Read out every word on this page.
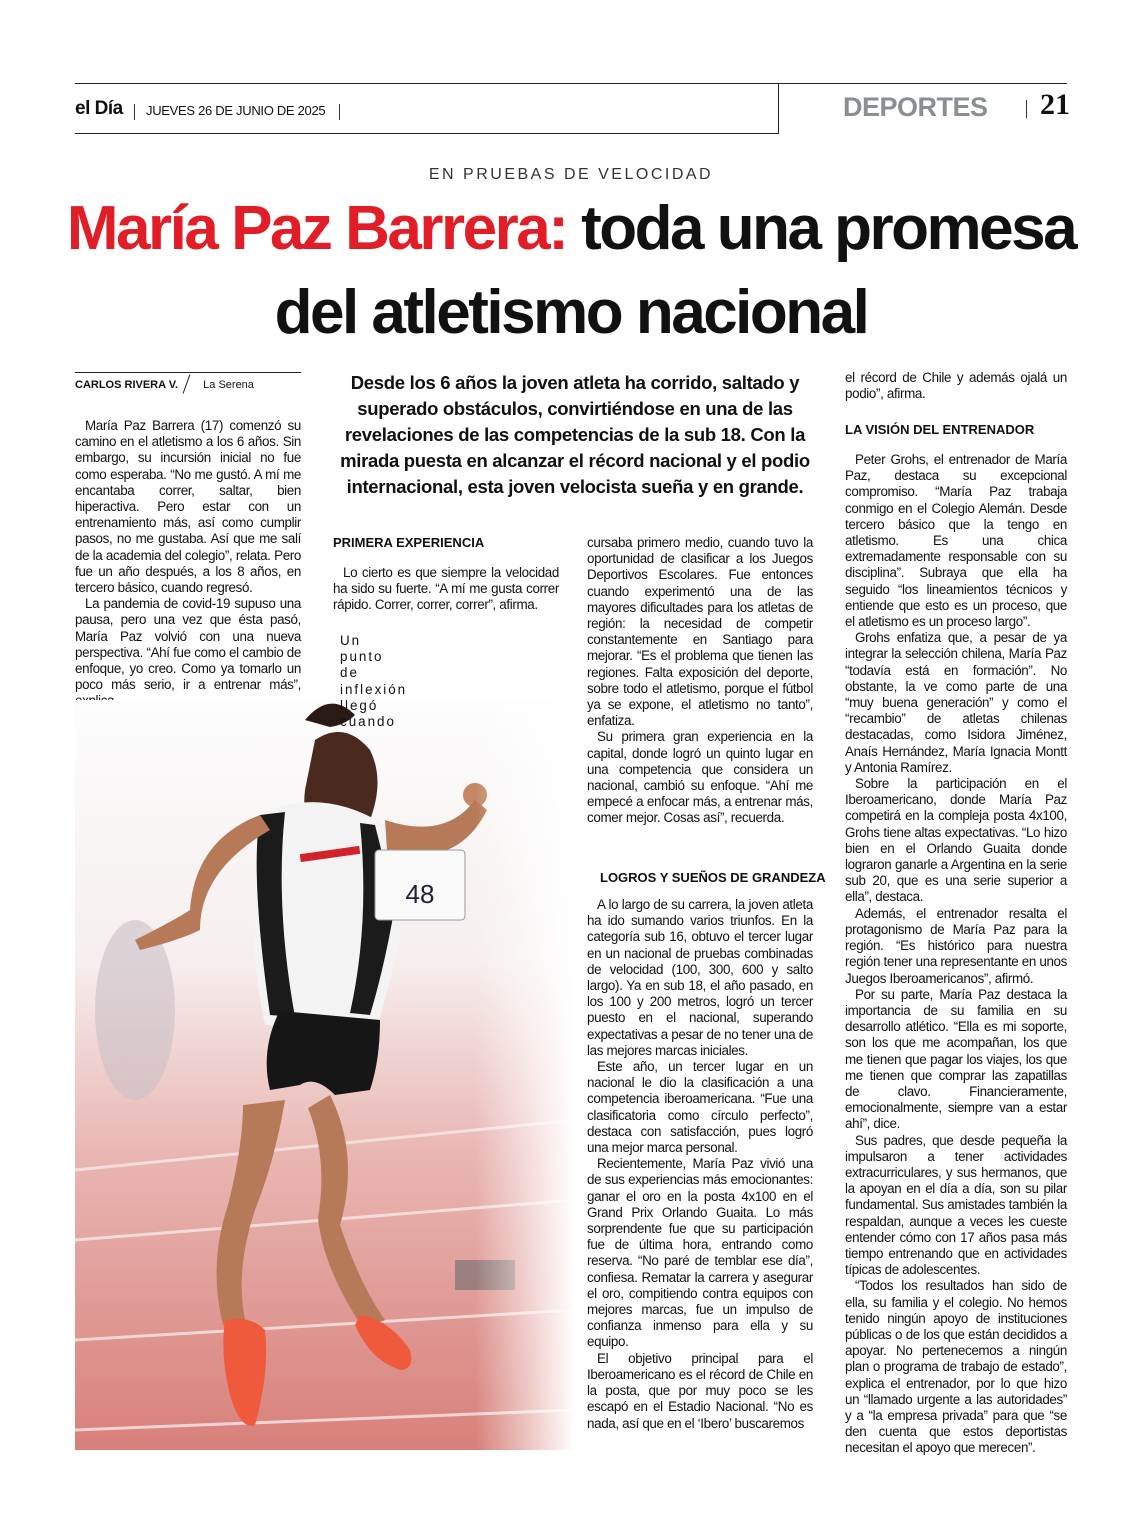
el Día JUEVES 26 DE JUNIO DE 2025	DEPORTES 21
EN PRUEBAS DE VELOCIDAD
María Paz Barrera: toda una promesa
del atletismo nacional
CARLOS RIVERA V. La Serena	Desde los 6 años la joven atleta ha corrido, saltado y superado obstáculos, convirtiéndose en una de las revelaciones de las competencias de la sub 18. Con la mirada puesta en alcanzar el récord nacional y el podio internacional, esta joven velocista sueña y en grande.

María Paz Barrera (17) comenzó su camino en el atletismo a los 6 años. Sin embargo, su incursión inicial no fue como esperaba. “No me gustó. A mí me encantaba correr, saltar, bien hiperactiva. Pero estar con un entrenamiento más, así como cumplir pasos, no me gustaba. Así que me salí de la academia del colegio”, relata. Pero fue un año después, a los 8 años, en tercero básico, cuando regresó.

La pandemia de covid-19 supuso una pausa, pero una vez que ésta pasó, María Paz volvió con una nueva perspectiva. “Ahí fue como el cambio de enfoque, yo creo. Como ya tomarlo un poco más serio, ir a entrenar más”,

PRIMERA EXPERIENCIA

Lo cierto es que siempre la velocidad ha sido su fuerte. “A mí me gusta correr rápido. Correr, correr, correr”, afirma.

Un punto de inflexión llegó cuando

cursaba primero medio, cuando tuvo la oportunidad de clasificar a los Juegos Deportivos Escolares. Fue entonces cuando experimentó una de las mayores dificultades para los atletas de región: la necesidad de competir constantemente en Santiago para mejorar. “Es el problema que tienen las regiones. Falta exposición del deporte, sobre todo el atletismo, porque el fútbol ya se expone, el atletismo no tanto”, enfatiza.

Su primera gran experiencia en la capital, donde logró un quinto lugar en una competencia que considera un nacional, cambió su enfoque. “Ahí me empecé a enfocar más, a entrenar más, comer mejor. Cosas así”, recuerda.

LOGROS Y SUEÑOS DE GRANDEZA

A lo largo de su carrera, la joven atleta ha ido sumando varios triunfos. En la categoría sub 16, obtuvo el tercer lugar en un nacional de pruebas combinadas de velocidad (100, 300, 600 y salto largo). Ya en sub 18, el año pasado, en los 100 y 200 metros, logró un tercer puesto en el nacional, superando expectativas a pesar de no tener una de las mejores marcas iniciales.

Este año, un tercer lugar en un nacional le dio la clasificación a una competencia iberoamericana. “Fue una clasificatoria como círculo perfecto”, destaca con satisfacción, pues logró una mejor marca personal.

Recientemente, María Paz vivió una de sus experiencias más emocionantes: ganar el oro en la posta 4x100 en el Grand Prix Orlando Guaita. Lo más sorprendente fue que su participación fue de última hora, entrando como reserva. “No paré de temblar ese día”, confiesa. Rematar la carrera y asegurar el oro, compitiendo contra equipos con mejores marcas, fue un impulso de confianza inmenso para ella y su equipo.

El objetivo principal para el Iberoamericano es el récord de Chile en la posta, que por muy poco se les escapó en el Estadio Nacional. “No es nada, así que en el ‘Ibero’ buscaremos

el récord de Chile y además ojalá un podio”, afirma.

LA VISIÓN DEL ENTRENADOR

Peter Grohs, el entrenador de María Paz, destaca su excepcional compromiso. “María Paz trabaja conmigo en el Colegio Alemán. Desde tercero básico que la tengo en atletismo. Es una chica extremadamente responsable con su disciplina”. Subraya que ella ha seguido “los lineamientos técnicos y entiende que esto es un proceso, que el atletismo es un proceso largo”.

Grohs enfatiza que, a pesar de ya integrar la selección chilena, María Paz “todavía está en formación”. No obstante, la ve como parte de una “muy buena generación” y como el “recambio” de atletas chilenas destacadas, como Isidora Jiménez, Anaís Hernández, María Ignacia Montt y Antonia Ramírez.

Sobre la participación en el Iberoamericano, donde María Paz competirá en la compleja posta 4x100, Grohs tiene altas expectativas. “Lo hizo bien en el Orlando Guaita donde lograron ganarle a Argentina en la serie sub 20, que es una serie superior a ella”, destaca.

Además, el entrenador resalta el protagonismo de María Paz para la región. “Es histórico para nuestra región tener una representante en unos Juegos Iberoamericanos”, afirmó.

Por su parte, María Paz destaca la importancia de su familia en su desarrollo atlético. “Ella es mi soporte, son los que me acompañan, los que me tienen que pagar los viajes, los que me tienen que comprar las zapatillas de clavo. Financieramente, emocionalmente, siempre van a estar ahí”, dice.

Sus padres, que desde pequeña la impulsaron a tener actividades extracurriculares, y sus hermanos, que la apoyan en el día a día, son su pilar fundamental. Sus amistades también la respaldan, aunque a veces les cueste entender cómo con 17 años pasa más tiempo entrenando que en actividades típicas de adolescentes.

“Todos los resultados han sido de ella, su familia y el colegio. No hemos tenido ningún apoyo de instituciones públicas o de los que están decididos a apoyar. No pertenecemos a ningún plan o programa de trabajo de estado”, explica el entrenador, por lo que hizo un “llamado urgente a las autoridades” y a “la empresa privada” para que “se den cuenta que estos deportistas necesitan el apoyo que merecen”.
